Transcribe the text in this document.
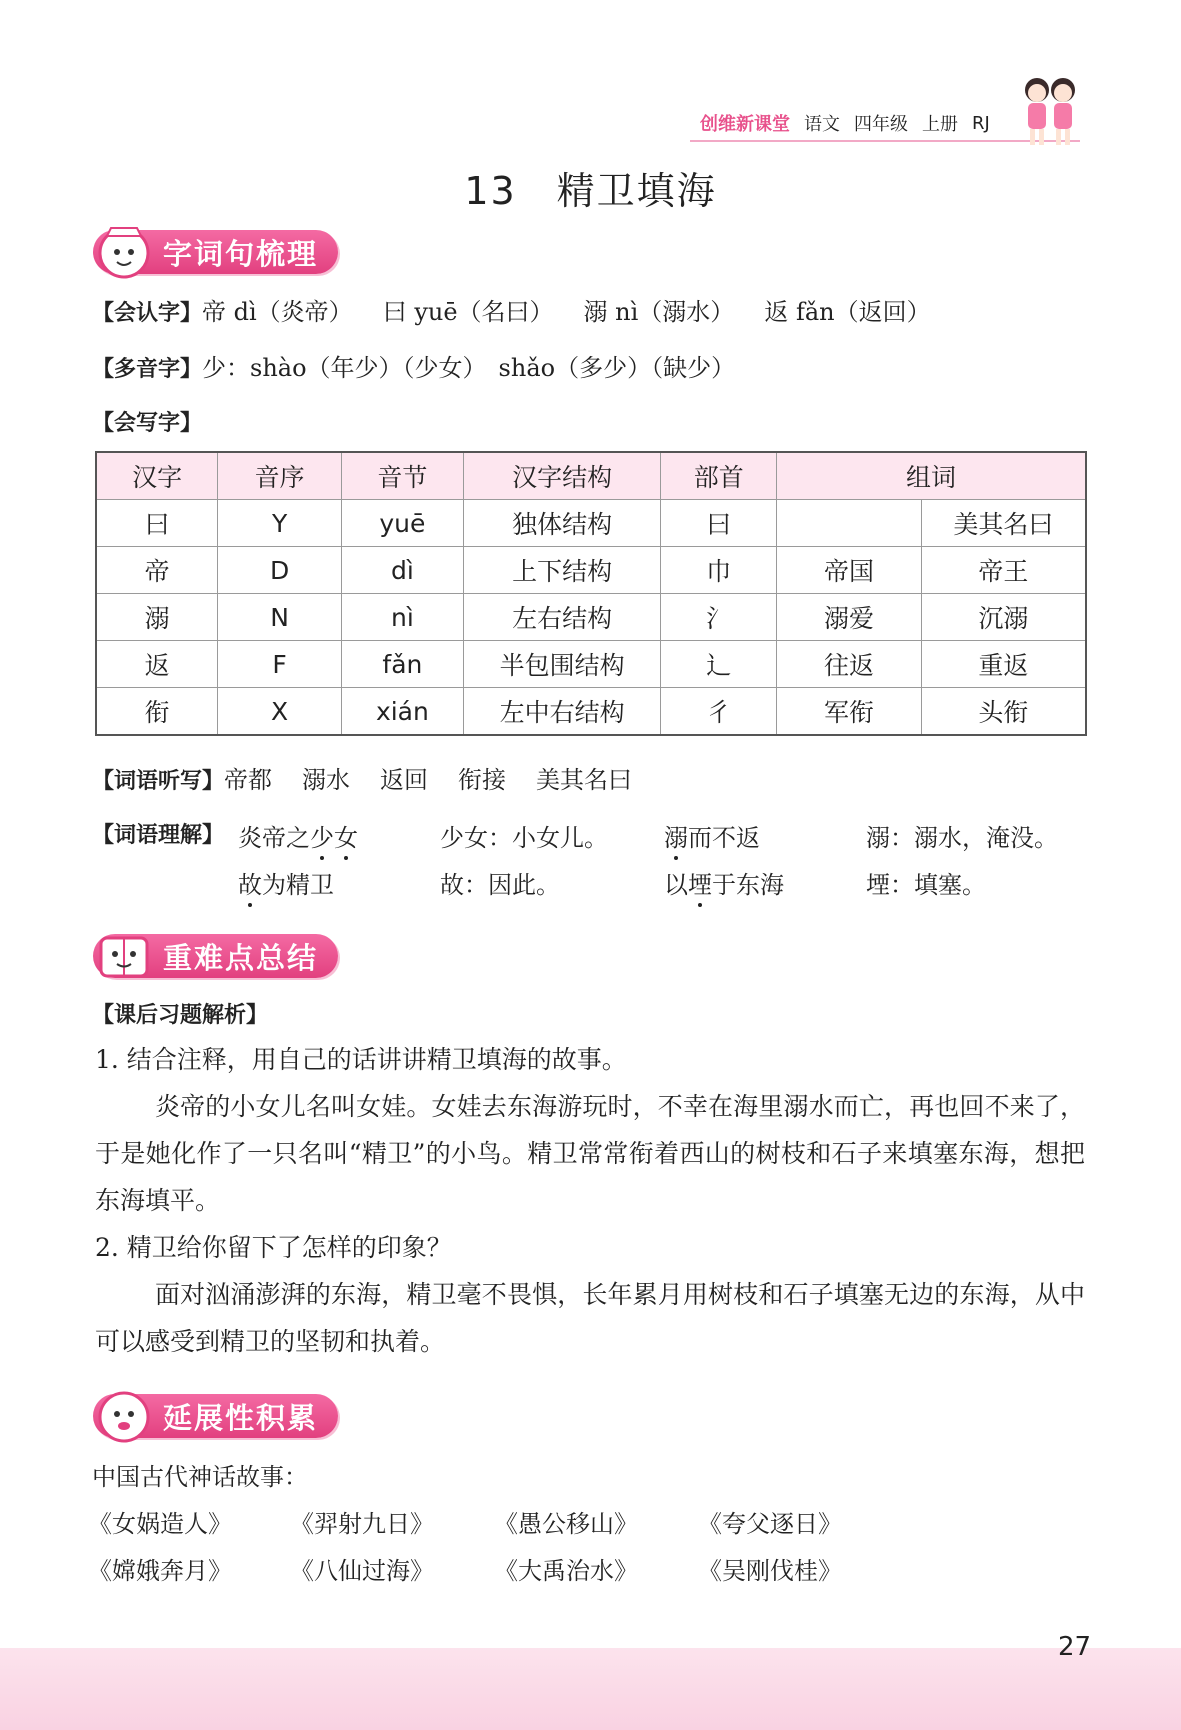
创维新课堂 语文 四年级 上册 RJ
13　精卫填海
字词句梳理
【会认字】帝 dì（炎帝） 曰 yuē（名曰） 溺 nì（溺水） 返 fǎn（返回）
【多音字】少：shào（年少）（少女）　shǎo（多少）（缺少）
【会写字】
汉字	音序	音节	汉字结构	部首	组词	
曰	Y	yuē	独体结构	曰		美其名曰
帝	D	dì	上下结构	巾	帝国	帝王
溺	N	nì	左右结构	氵	溺爱	沉溺
返	F	fǎn	半包围结构	辶	往返	重返
衔	X	xián	左中右结构	彳	军衔	头衔
【词语听写】帝都 溺水 返回 衔接 美其名曰
【词语理解】 炎帝之少女	少女：小女儿。 溺而不返	溺：溺水，淹没。
故为精卫	故：因此。	以堙于东海	堙：填塞。
重难点总结
【课后习题解析】
1. 结合注释，用自己的话讲讲精卫填海的故事。
炎帝的小女儿名叫女娃。女娃去东海游玩时，不幸在海里溺水而亡，再也回不来了，于是她化作了一只名叫“精卫”的小鸟。精卫常常衔着西山的树枝和石子来填塞东海，想把东海填平。
2. 精卫给你留下了怎样的印象？
面对汹涌澎湃的东海，精卫毫不畏惧，长年累月用树枝和石子填塞无边的东海，从中可以感受到精卫的坚韧和执着。
延展性积累
中国古代神话故事：
《女娲造人》 《羿射九日》	《愚公移山》	《夸父逐日》
《嫦娥奔月》 《八仙过海》	《大禹治水》	《吴刚伐桂》
27
